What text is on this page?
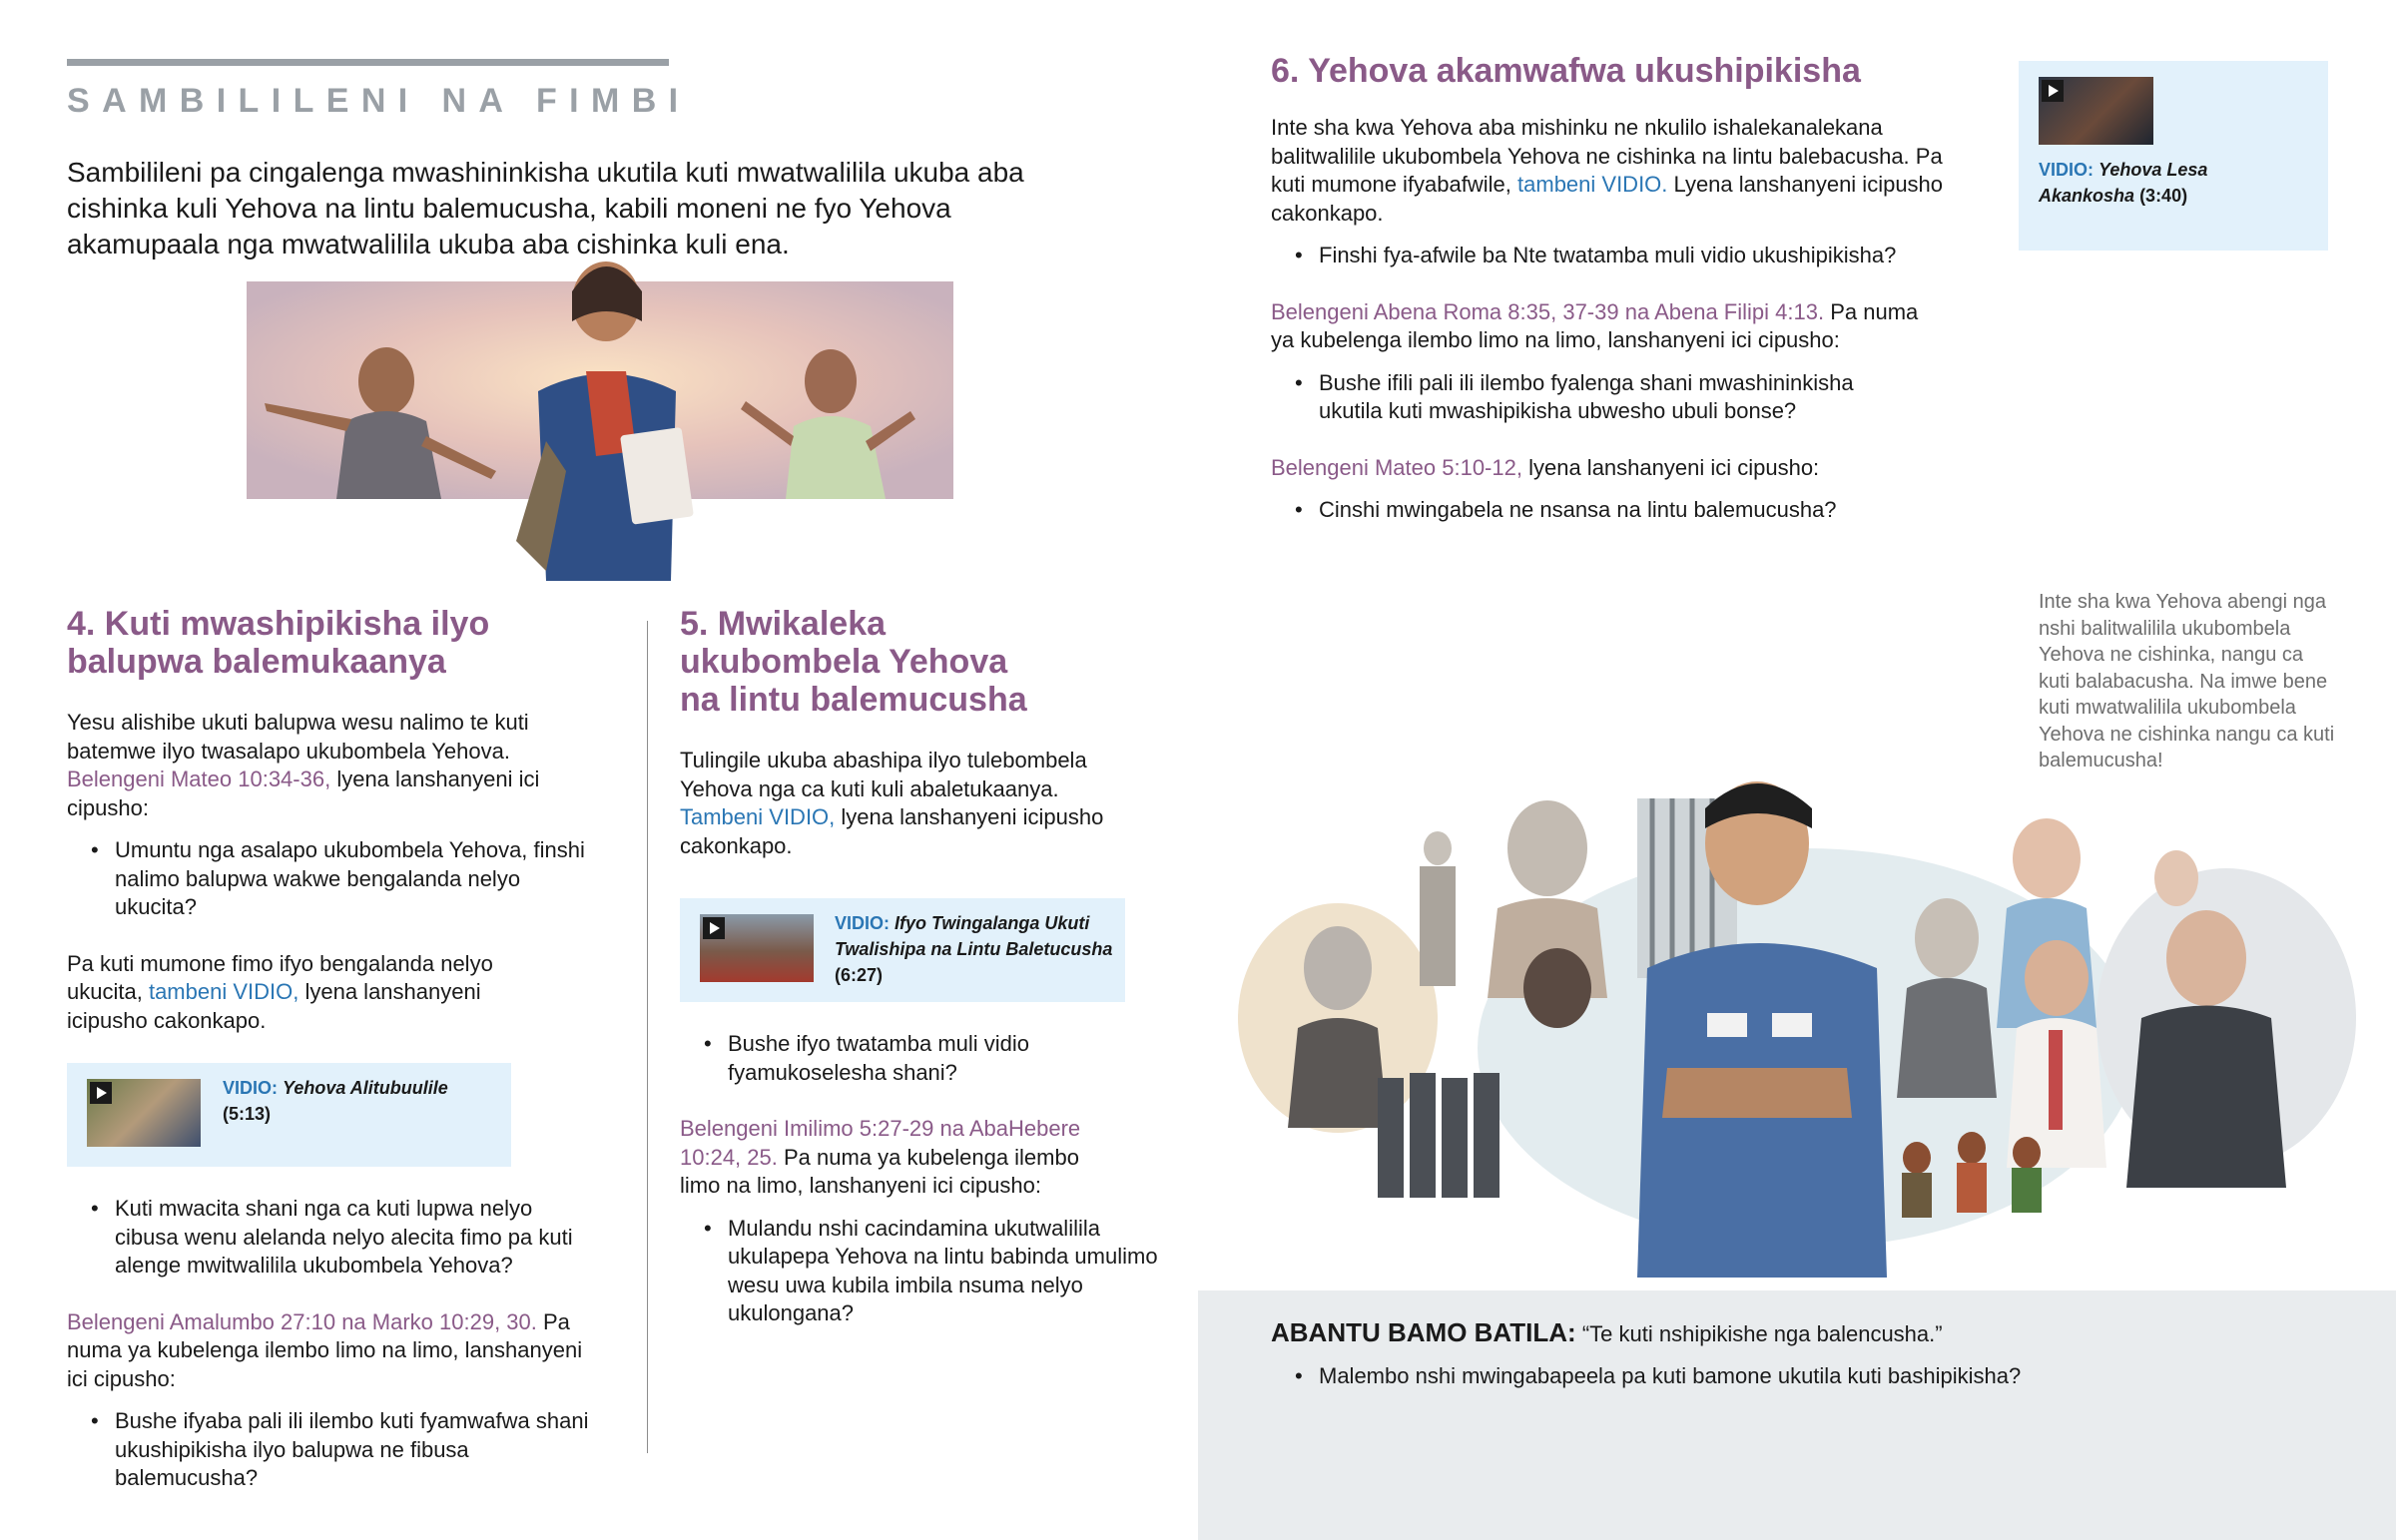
SAMBILILENI NA FIMBI

Sambilileni pa cingalenga mwashininkisha ukutila kuti mwatwalilila ukuba aba cishinka kuli Yehova na lintu balemucusha, kabili moneni ne fyo Yehova akamupaala nga mwatwalilila ukuba aba cishinka kuli ena.

4. Kuti mwashipikisha ilyo balupwa balemukaanya

Yesu alishibe ukuti balupwa wesu nalimo te kuti batemwe ilyo twasalapo ukubombela Yehova. Belengeni Mateo 10:34-36, lyena lanshanyeni ici cipusho:

• Umuntu nga asalapo ukubombela Yehova, finshi nalimo balupwa wakwe bengalanda nelyo ukucita?

Pa kuti mumone fimo ifyo bengalanda nelyo ukucita, tambeni VIDIO, lyena lanshanyeni icipusho cakonkapo.

VIDIO: Yehova Alitubuulile
(5:13)

• Kuti mwacita shani nga ca kuti lupwa nelyo cibusa wenu alelanda nelyo alecita fimo pa kuti alenge mwitwalilila ukubombela Yehova?

Belengeni Amalumbo 27:10 na Marko 10:29, 30. Pa numa ya kubelenga ilembo limo na limo, lanshanyeni ici cipusho:

• Bushe ifyaba pali ili ilembo kuti fyamwafwa shani ukushipikisha ilyo balupwa ne fibusa balemucusha?

5. Mwikaleka ukubombela Yehova na lintu balemucusha

Tulingile ukuba abashipa ilyo tulebombela Yehova nga ca kuti kuli abaletukaanya. Tambeni VIDIO, lyena lanshanyeni icipusho cakonkapo.

VIDIO: Ifyo Twingalanga Ukuti Twalishipa na Lintu Baletucusha (6:27)

• Bushe ifyo twatamba muli vidio fyamukoselesha shani?

Belengeni Imilimo 5:27-29 na AbaHebere 10:24, 25. Pa numa ya kubelenga ilembo limo na limo, lanshanyeni ici cipusho:

• Mulandu nshi cacindamina ukutwalilila ukulapepa Yehova na lintu babinda umulimo wesu uwa kubila imbila nsuma nelyo ukulongana?

6. Yehova akamwafwa ukushipikisha

Inte sha kwa Yehova aba mishinku ne nkulilo ishalekanalekana balitwalilile ukubombela Yehova ne cishinka na lintu balebacusha. Pa kuti mumone ifyabafwile, tambeni VIDIO. Lyena lanshanyeni icipusho cakonkapo.

• Finshi fya-afwile ba Nte twatamba muli vidio ukushipikisha?

Belengeni Abena Roma 8:35, 37-39 na Abena Filipi 4:13. Pa numa ya kubelenga ilembo limo na limo, lanshanyeni ici cipusho:

• Bushe ifili pali ili ilembo fyalenga shani mwashininkisha ukutila kuti mwashipikisha ubwesho ubuli bonse?

Belengeni Mateo 5:10-12, lyena lanshanyeni ici cipusho:

• Cinshi mwingabela ne nsansa na lintu balemucusha?

VIDIO: Yehova Lesa Akankosha (3:40)

Inte sha kwa Yehova abengi nga nshi balitwalilila ukubombela Yehova ne cishinka, nangu ca kuti balabacusha. Na imwe bene kuti mwatwalilila ukubombela Yehova ne cishinka nangu ca kuti balemucusha!

ABANTU BAMO BATILA: “Te kuti nshipikishe nga balencusha.”

• Malembo nshi mwingabapeela pa kuti bamone ukutila kuti bashipikisha?
